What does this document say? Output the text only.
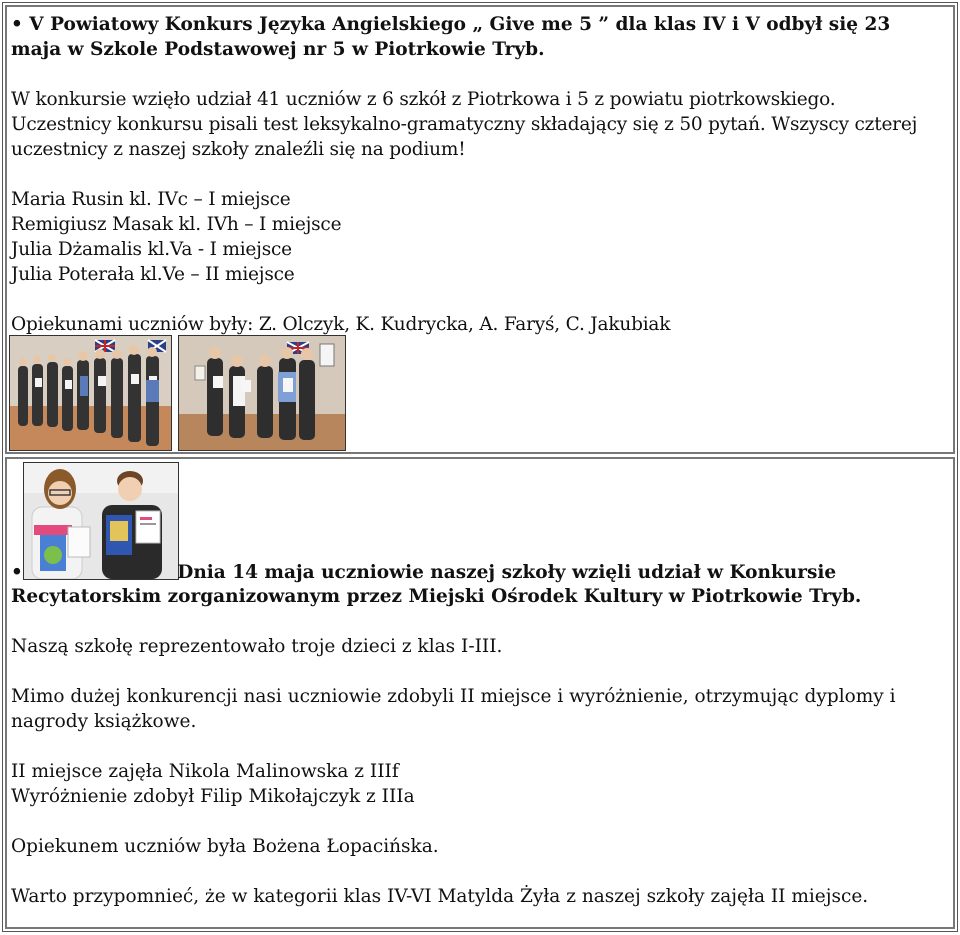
• V Powiatowy Konkurs Języka Angielskiego „ Give me 5 ” dla klas IV i V odbył się 23
maja w Szkole Podstawowej nr 5 w Piotrkowie Tryb.
W konkursie wzięło udział 41 uczniów z 6 szkół z Piotrkowa i 5 z powiatu piotrkowskiego.
Uczestnicy konkursu pisali test leksykalno-gramatyczny składający się z 50 pytań. Wszyscy czterej
uczestnicy z naszej szkoły znaleźli się na podium!
Maria Rusin kl. IVc – I miejsce
Remigiusz Masak kl. IVh – I miejsce
Julia Dżamalis kl.Va - I miejsce
Julia Poterała kl.Ve – II miejsce
Opiekunami uczniów były: Z. Olczyk, K. Kudrycka, A. Faryś, C. Jakubiak
•	Dnia 14 maja uczniowie naszej szkoły wzięli udział w Konkursie
Recytatorskim zorganizowanym przez Miejski Ośrodek Kultury w Piotrkowie Tryb.
Naszą szkołę reprezentowało troje dzieci z klas I-III.
Mimo dużej konkurencji nasi uczniowie zdobyli II miejsce i wyróżnienie, otrzymując dyplomy i
nagrody książkowe.
II miejsce zajęła Nikola Malinowska z IIIf
Wyróżnienie zdobył Filip Mikołajczyk z IIIa
Opiekunem uczniów była Bożena Łopacińska.
Warto przypomnieć, że w kategorii klas IV-VI Matylda Żyła z naszej szkoły zajęła II miejsce.
